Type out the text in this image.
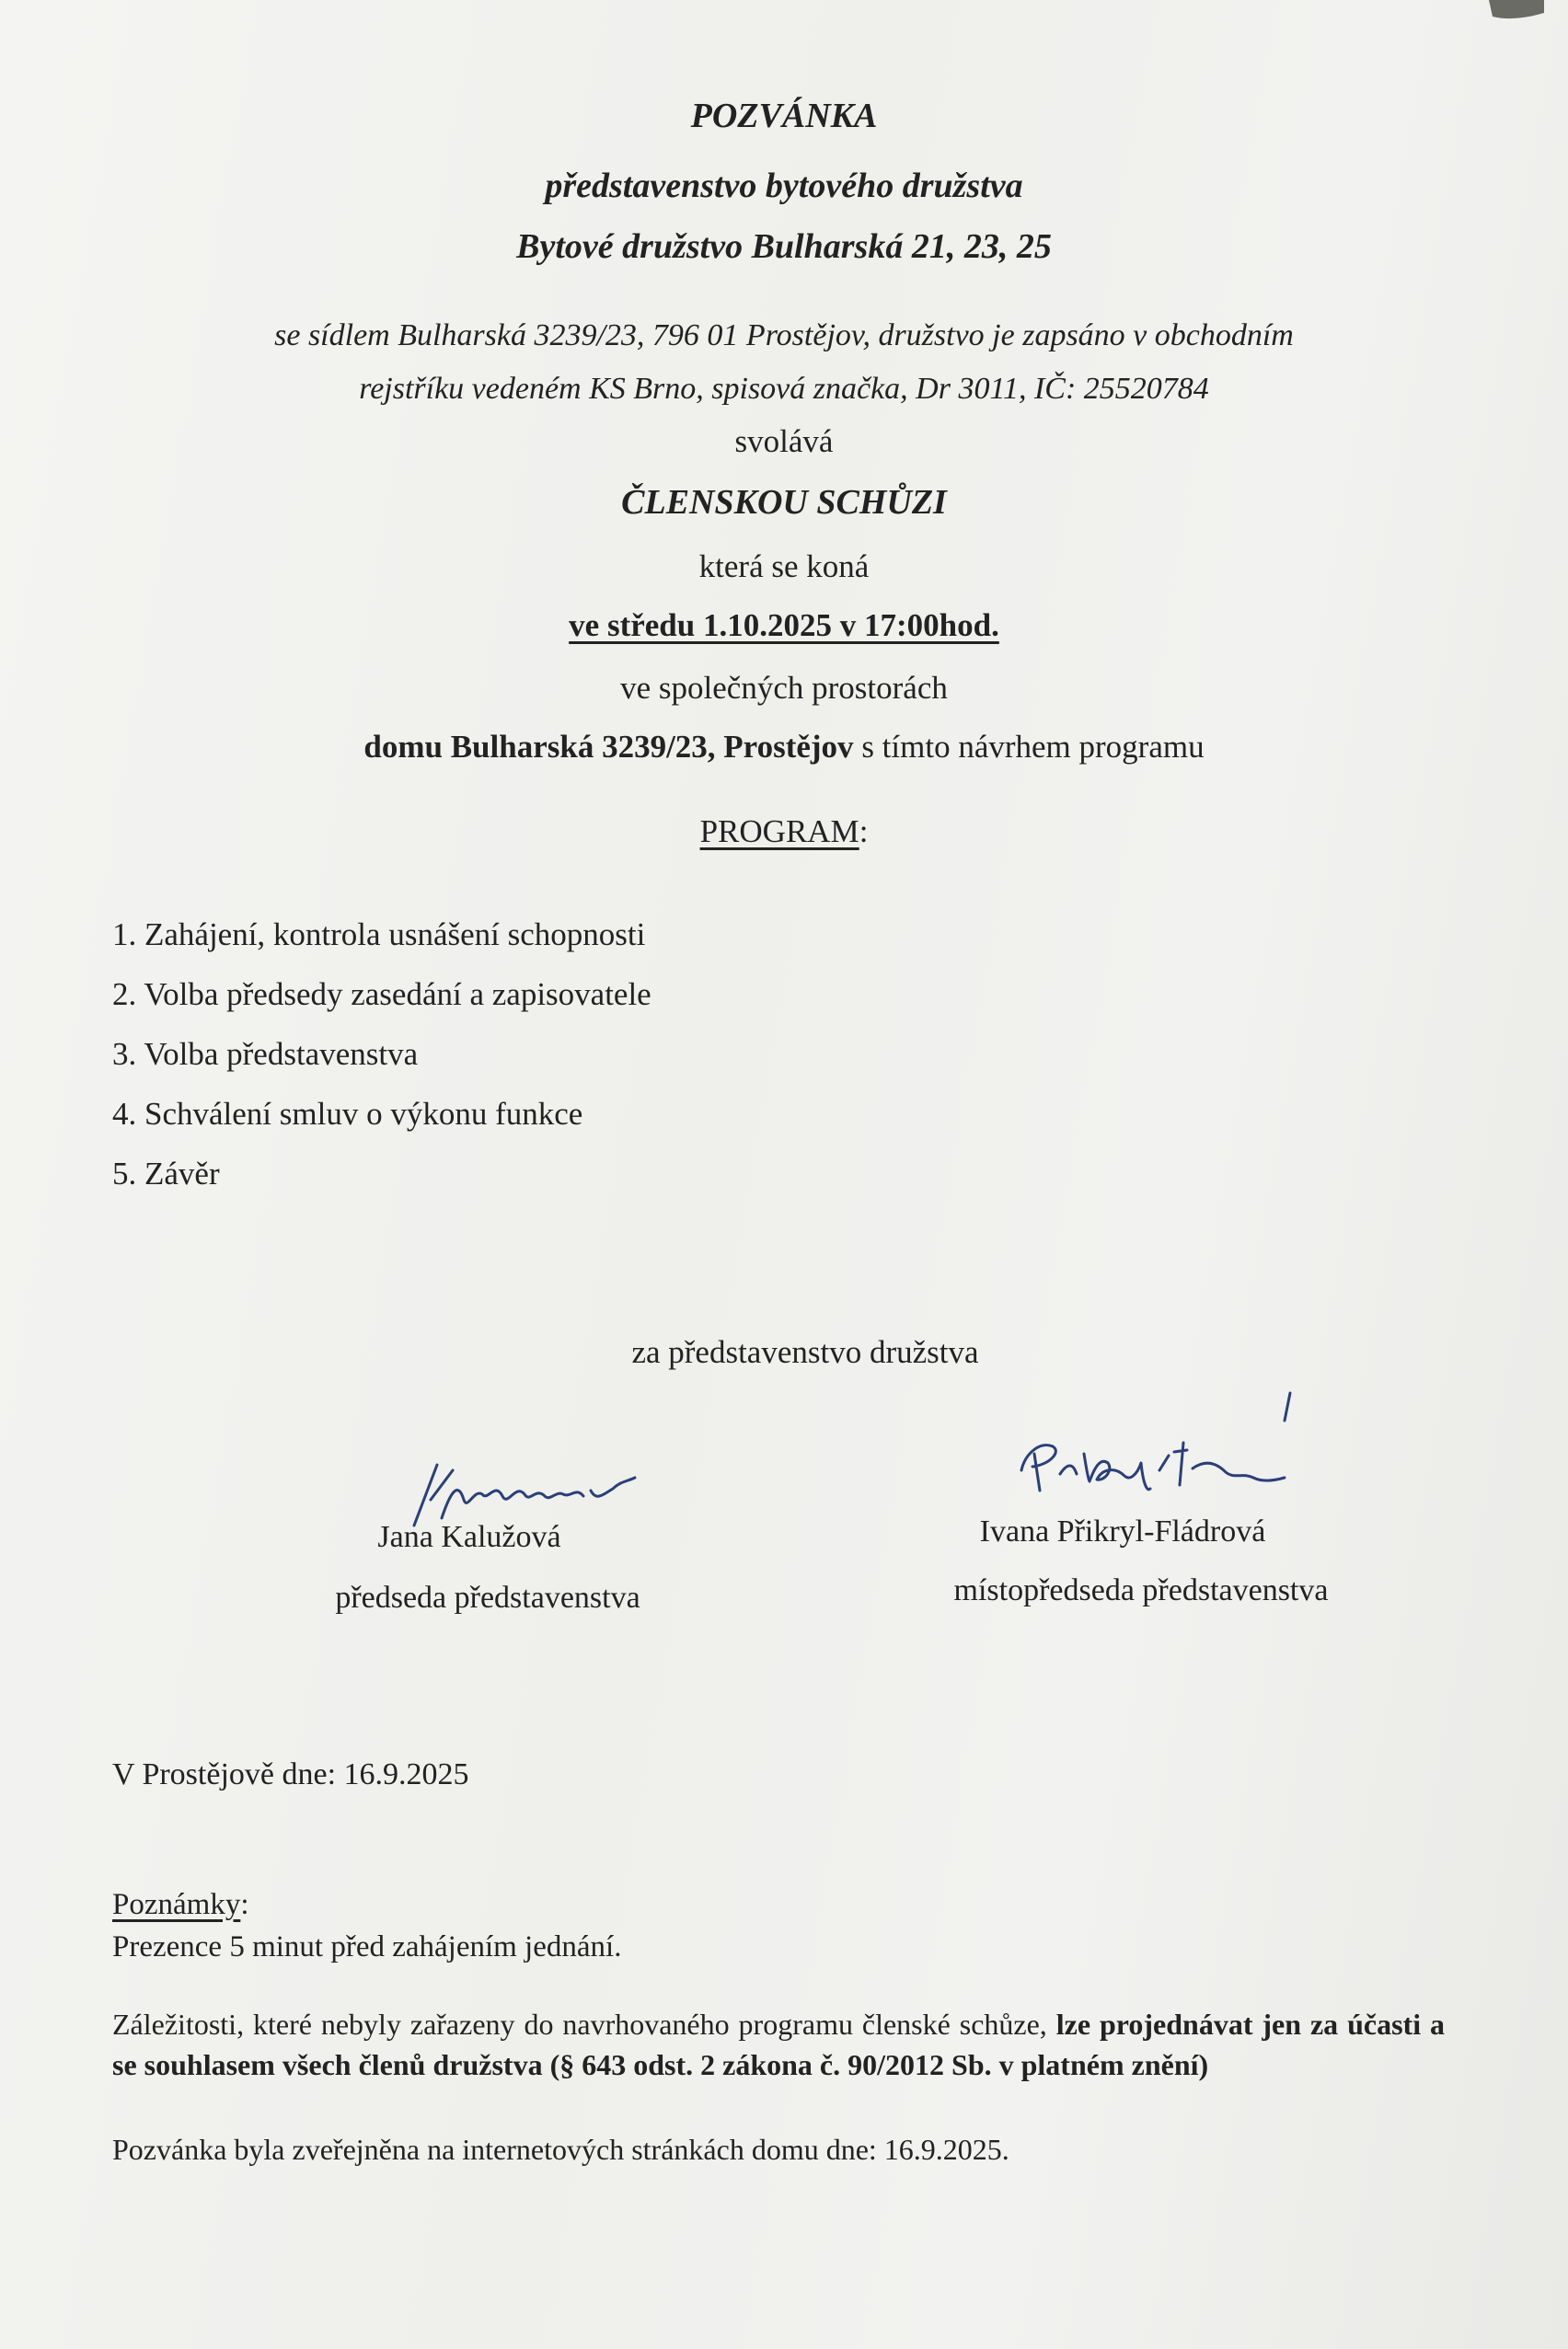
POZVÁNKA
představenstvo bytového družstva
Bytové družstvo Bulharská 21, 23, 25
se sídlem Bulharská 3239/23, 796 01 Prostějov, družstvo je zapsáno v obchodním
rejstříku vedeném KS Brno, spisová značka, Dr 3011, IČ: 25520784
svolává
ČLENSKOU SCHŮZI
která se koná
ve středu 1.10.2025 v 17:00hod.
ve společných prostorách
domu Bulharská 3239/23, Prostějov s tímto návrhem programu
PROGRAM:
1. Zahájení, kontrola usnášení schopnosti
2. Volba předsedy zasedání a zapisovatele
3. Volba představenstva
4. Schválení smluv o výkonu funkce
5. Závěr
za představenstvo družstva
Jana Kalužová
předseda představenstva
Ivana Přikryl-Fládrová
místopředseda představenstva
V Prostějově dne: 16.9.2025
Poznámky:
Prezence 5 minut před zahájením jednání.
Záležitosti, které nebyly zařazeny do navrhovaného programu členské schůze, lze projednávat jen za účasti a se souhlasem všech členů družstva (§ 643 odst. 2 zákona č. 90/2012 Sb. v platném znění)
Pozvánka byla zveřejněna na internetových stránkách domu dne: 16.9.2025.
